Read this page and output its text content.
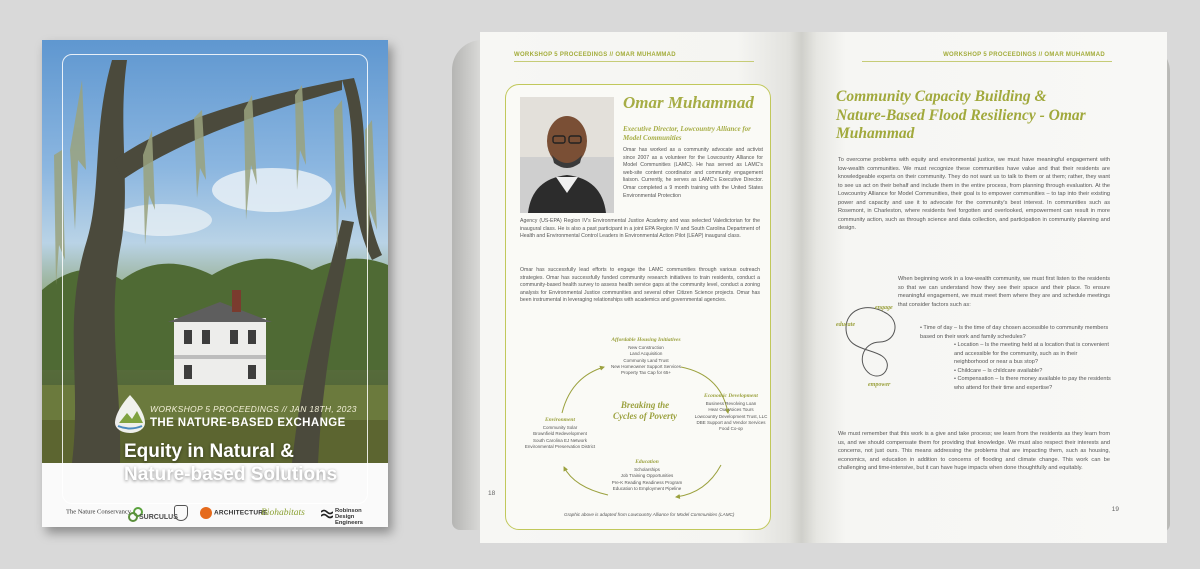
WORKSHOP 5 PROCEEDINGS // JAN 18TH, 2023
THE NATURE-BASED EXCHANGE
Equity in Natural & Nature-based Solutions
The Nature Conservancy
SURCULUS
ARCHITECTURE
Biohabitats	Robinson Design Engineers
WORKSHOP 5 PROCEEDINGS // OMAR MUHAMMAD
Omar Muhammad
Executive Director, Lowcountry Alliance for Model Communities
Omar has worked as a community advocate and activist since 2007 as a volunteer for the Lowcountry Alliance for Model Communities (LAMC). He has served as LAMC's web-site content coordinator and community engagement liaison. Currently, he serves as LAMC's Executive Director. Omar completed a 9 month training with the United States Environmental Protection
Agency (US-EPA) Region IV's Environmental Justice Academy and was selected Valedictorian for the inaugural class. He is also a past participant in a joint EPA Region IV and South Carolina Department of Health and Environmental Control Leaders in Environmental Action Pilot (LEAP) inaugural class.
Omar has successfully lead efforts to engage the LAMC communities through various outreach strategies. Omar has successfully funded community research initiatives to train residents, conduct a community-based health survey to assess health service gaps at the community level, conduct a zoning analysis for Environmental Justice communities and several other Citizen Science projects. Omar has been instrumental in leveraging relationships with academics and governmental agencies.
Affordable Housing Initiatives
New Construction
Land Acquisition
Community Land Trust
New Homeowner Support Services
Property Tax Cap for 65+
Economic Development
Business Revolving Loan
Hear Our Voices Tours
Lowcountry Development Trust, LLC
DBE Support and Vendor Services
Food Co-op
Education
Scholarships
Job Training Opportunities
Pre-K Reading Readiness Program
Education to Employment Pipeline
Environment
Community Solar
Brownfield Redevelopment
South Carolina EJ Network
Environmental Preservation District
Breaking the Cycles of Poverty
Graphic above is adapted from Lowcountry Alliance for Model Communities (LAMC)
18
WORKSHOP 5 PROCEEDINGS // OMAR MUHAMMAD
Community Capacity Building & Nature-Based Flood Resiliency - Omar Muhammad
To overcome problems with equity and environmental justice, we must have meaningful engagement with low-wealth communities. We must recognize these communities have value and that their residents are knowledgeable experts on their community. They do not want us to talk to them or at them; rather, they want to see us act on their behalf and include them in the entire process, from planning through evaluation. At the Lowcountry Alliance for Model Communities, their goal is to empower communities – to tap into their existing power and capacity and use it to advocate for the community's best interest. In communities such as Rosemont, in Charleston, where residents feel forgotten and overlooked, empowerment can result in more community action, such as through science and data collection, and participation in community planning and design.
When beginning work in a low-wealth community, we must first listen to the residents so that we can understand how they see their space and their place. To ensure meaningful engagement, we must meet them where they are and schedule meetings that consider factors such as:
• Time of day – Is the time of day chosen accessible to community members based on their work and family schedules?
• Location – Is the meeting held at a location that is convenient and accessible for the community, such as in their neighborhood or near a bus stop?
• Childcare – Is childcare available?
• Compensation – Is there money available to pay the residents who attend for their time and expertise?
engage
educate
empower
We must remember that this work is a give and take process; we learn from the residents as they learn from us, and we should compensate them for providing that knowledge. We must also respect their interests and concerns, not just ours. This means addressing the problems that are impacting them, such as housing, economics, and education in addition to concerns of flooding and climate change. This work can be challenging and time-intensive, but it can have huge impacts when done thoughtfully and equitably.
19
